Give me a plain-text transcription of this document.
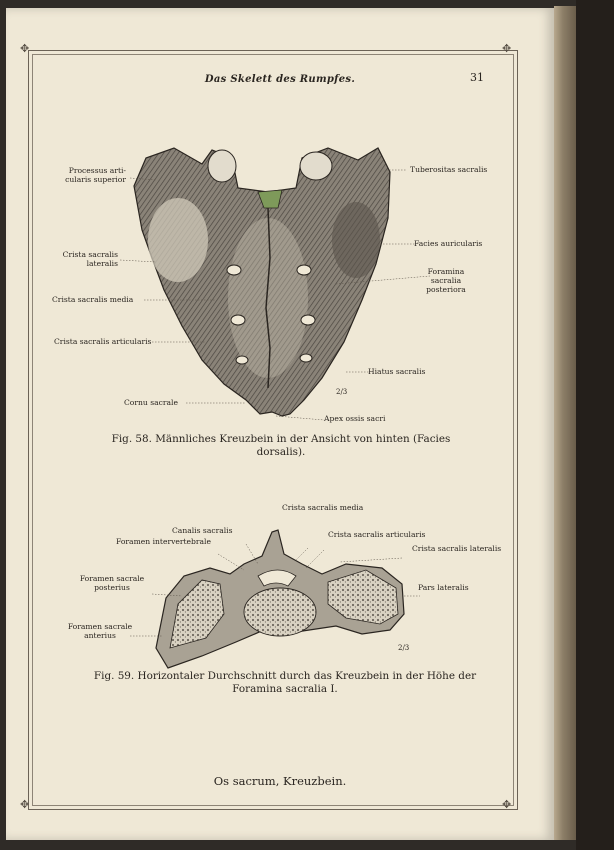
✥	✥
✥	✥
Das Skelett des Rumpfes.	31
Processus arti-
cularis superior
Crista sacralis
lateralis
Crista sacralis media
Crista sacralis articularis
Cornu sacrale
Tuberositas sacralis
Facies auricularis
Foramina
sacralia
posteriora
Hiatus sacralis
Apex ossis sacri
2/3
Fig. 58. Männliches Kreuzbein in der Ansicht von hinten (Facies dorsalis).
Crista sacralis media
Canalis sacralis
Foramen intervertebrale
Crista sacralis articularis
Crista sacralis lateralis
Foramen sacrale
posterius	Pars lateralis
Foramen sacrale
anterius
2/3
Fig. 59. Horizontaler Durchschnitt durch das Kreuzbein in der Höhe der
Foramina sacralia I.
Os sacrum, Kreuzbein.
